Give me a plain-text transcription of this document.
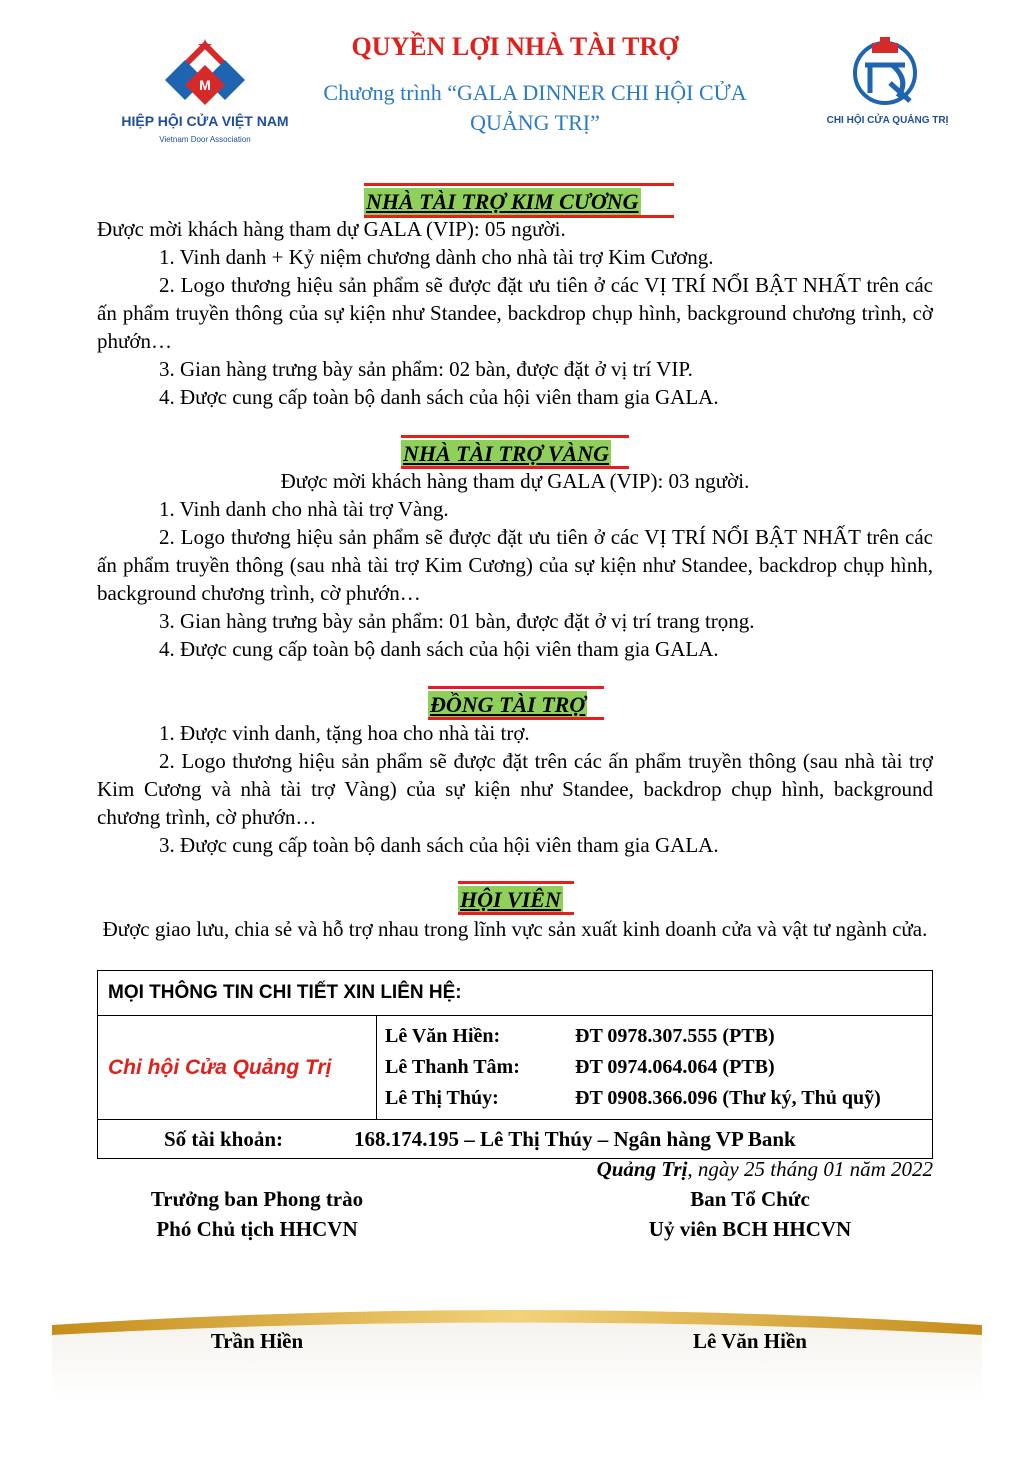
M
HIỆP HỘI CỬA VIỆT NAM
Vietnam Door Association
QUYỀN LỢI NHÀ TÀI TRỢ
Chương trình “GALA DINNER CHI HỘI CỬA
QUẢNG TRỊ”	CHI HỘI CỬA QUẢNG TRỊ
NHÀ TÀI TRỢ KIM CƯƠNG
Được mời khách hàng tham dự GALA (VIP): 05 người.
1. Vinh danh + Kỷ niệm chương dành cho nhà tài trợ Kim Cương.
2. Logo thương hiệu sản phẩm sẽ được đặt ưu tiên ở các VỊ TRÍ NỔI BẬT NHẤT trên các ấn phẩm truyền thông của sự kiện như Standee, backdrop chụp hình, background chương trình, cờ phướn…
3. Gian hàng trưng bày sản phẩm: 02 bàn, được đặt ở vị trí VIP.
4. Được cung cấp toàn bộ danh sách của hội viên tham gia GALA.
NHÀ TÀI TRỢ VÀNG
Được mời khách hàng tham dự GALA (VIP): 03 người.
1. Vinh danh cho nhà tài trợ Vàng.
2. Logo thương hiệu sản phẩm sẽ được đặt ưu tiên ở các VỊ TRÍ NỔI BẬT NHẤT trên các ấn phẩm truyền thông (sau nhà tài trợ Kim Cương) của sự kiện như Standee, backdrop chụp hình, background chương trình, cờ phướn…
3. Gian hàng trưng bày sản phẩm: 01 bàn, được đặt ở vị trí trang trọng.
4. Được cung cấp toàn bộ danh sách của hội viên tham gia GALA.
ĐỒNG TÀI TRỢ
1. Được vinh danh, tặng hoa cho nhà tài trợ.
2. Logo thương hiệu sản phẩm sẽ được đặt trên các ấn phẩm truyền thông (sau nhà tài trợ Kim Cương và nhà tài trợ Vàng) của sự kiện như Standee, backdrop chụp hình, background chương trình, cờ phướn…
3. Được cung cấp toàn bộ danh sách của hội viên tham gia GALA.
HỘI VIÊN
Được giao lưu, chia sẻ và hỗ trợ nhau trong lĩnh vực sản xuất kinh doanh cửa và vật tư ngành cửa.
MỌI THÔNG TIN CHI TIẾT XIN LIÊN HỆ:
Chi hội Cửa Quảng Trị	
Lê Văn Hiền:	ĐT 0978.307.555 (PTB)
Lê Thanh Tâm:	ĐT 0974.064.064 (PTB)
Lê Thị Thúy:	ĐT 0908.366.096 (Thư ký, Thủ quỹ)

Số tài khoản:	168.174.195 – Lê Thị Thúy – Ngân hàng VP Bank
Quảng Trị, ngày 25 tháng 01 năm 2022
Trưởng ban Phong trào
Phó Chủ tịch HHCVN
Ban Tổ Chức
Uỷ viên BCH HHCVN
Trần Hiền	Lê Văn Hiền
